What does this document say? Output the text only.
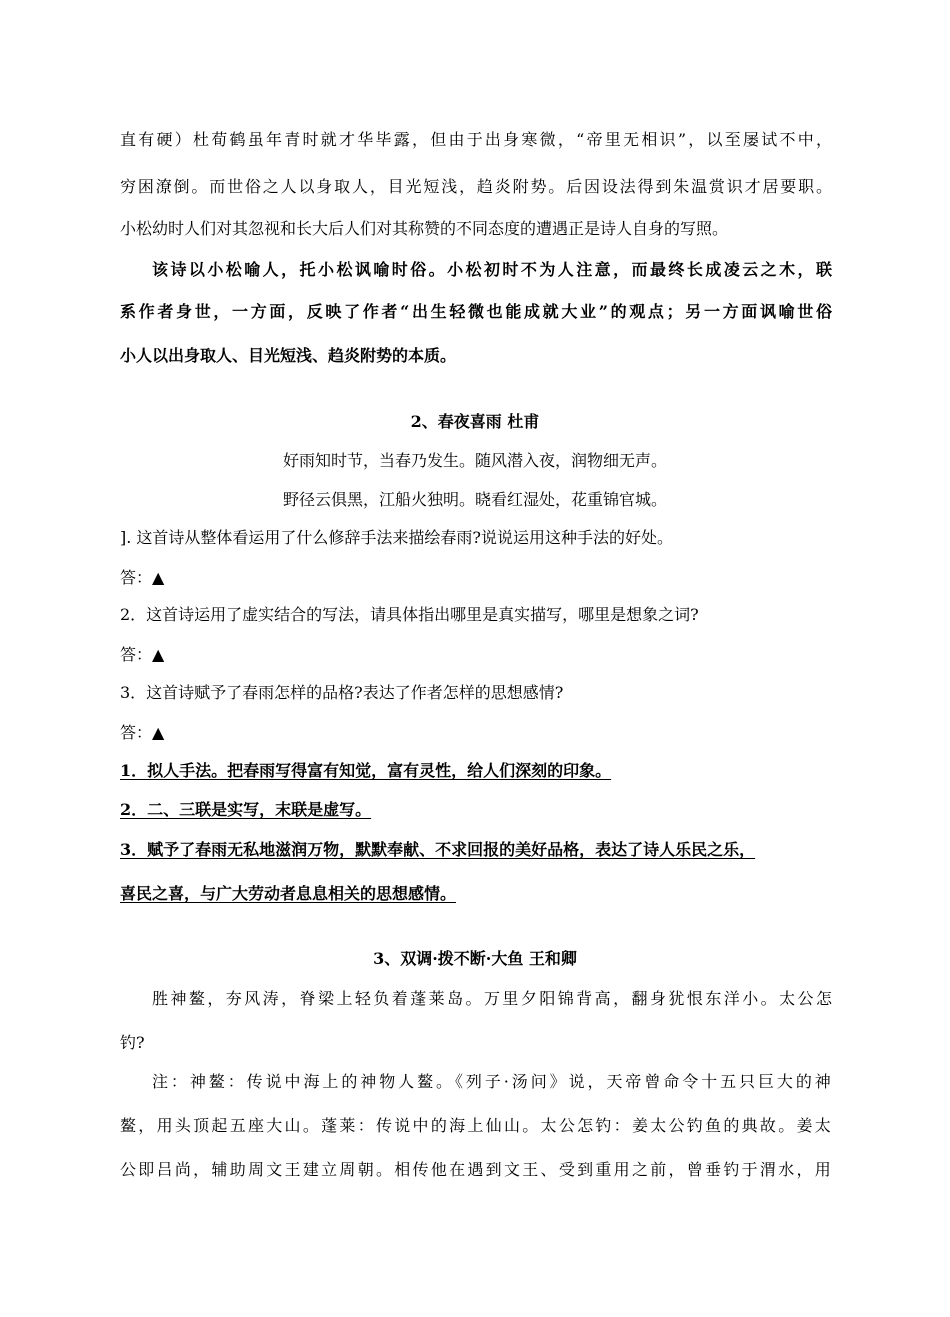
直有硬）杜荀鹤虽年青时就才华毕露，但由于出身寒微，“帝里无相识”，以至屡试不中，
穷困潦倒。而世俗之人以身取人，目光短浅，趋炎附势。后因设法得到朱温赏识才居要职。
小松幼时人们对其忽视和长大后人们对其称赞的不同态度的遭遇正是诗人自身的写照。
该诗以小松喻人，托小松讽喻时俗。小松初时不为人注意，而最终长成凌云之木，联
系作者身世，一方面，反映了作者“出生轻微也能成就大业”的观点；另一方面讽喻世俗
小人以出身取人、目光短浅、趋炎附势的本质。
2、春夜喜雨 杜甫
好雨知时节，当春乃发生。随风潜入夜，润物细无声。
野径云俱黑，江船火独明。晓看红湿处，花重锦官城。
]. 这首诗从整体看运用了什么修辞手法来描绘春雨?说说运用这种手法的好处。
答：▲
2．这首诗运用了虚实结合的写法，请具体指出哪里是真实描写，哪里是想象之词?
答：▲
3．这首诗赋予了春雨怎样的品格?表达了作者怎样的思想感情?
答：▲
1．拟人手法。把春雨写得富有知觉，富有灵性，给人们深刻的印象。
2．二、三联是实写，末联是虚写。
3．赋予了春雨无私地滋润万物，默默奉献、不求回报的美好品格，表达了诗人乐民之乐，
喜民之喜，与广大劳动者息息相关的思想感情。
3、双调·拨不断·大鱼 王和卿
胜神鳌，夯风涛，脊梁上轻负着蓬莱岛。万里夕阳锦背高，翻身犹恨东洋小。太公怎
钓?
注：神鳌：传说中海上的神物人鳌。《列子·汤问》说，天帝曾命令十五只巨大的神
鳌，用头顶起五座大山。蓬莱：传说中的海上仙山。太公怎钓：姜太公钓鱼的典故。姜太
公即吕尚，辅助周文王建立周朝。相传他在遇到文王、受到重用之前，曾垂钓于渭水，用
